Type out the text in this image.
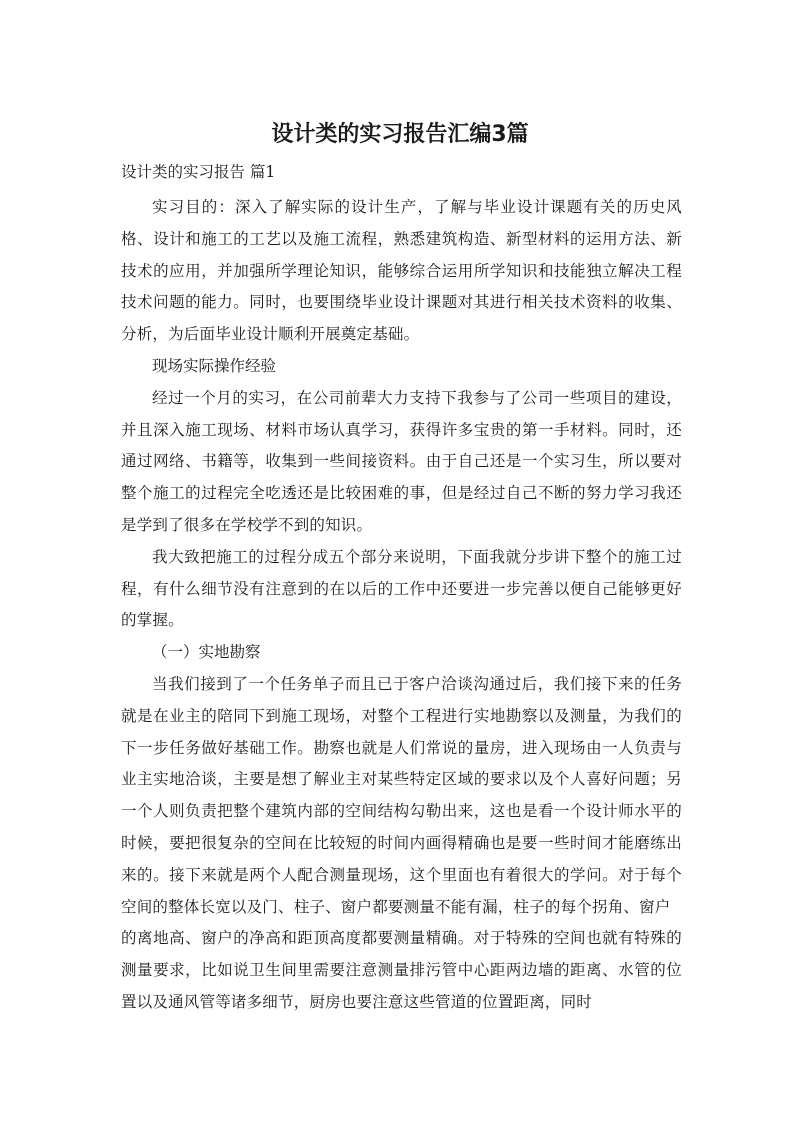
设计类的实习报告汇编3篇

设计类的实习报告 篇1

实习目的：深入了解实际的设计生产，了解与毕业设计课题有关的历史风格、设计和施工的工艺以及施工流程，熟悉建筑构造、新型材料的运用方法、新技术的应用，并加强所学理论知识，能够综合运用所学知识和技能独立解决工程技术问题的能力。同时，也要围绕毕业设计课题对其进行相关技术资料的收集、分析，为后面毕业设计顺利开展奠定基础。

现场实际操作经验

经过一个月的实习，在公司前辈大力支持下我参与了公司一些项目的建设，并且深入施工现场、材料市场认真学习，获得许多宝贵的第一手材料。同时，还通过网络、书籍等，收集到一些间接资料。由于自己还是一个实习生，所以要对整个施工的过程完全吃透还是比较困难的事，但是经过自己不断的努力学习我还是学到了很多在学校学不到的知识。

我大致把施工的过程分成五个部分来说明，下面我就分步讲下整个的施工过程，有什么细节没有注意到的在以后的工作中还要进一步完善以便自己能够更好的掌握。

（一）实地勘察

当我们接到了一个任务单子而且已于客户洽谈沟通过后，我们接下来的任务就是在业主的陪同下到施工现场，对整个工程进行实地勘察以及测量，为我们的下一步任务做好基础工作。勘察也就是人们常说的量房，进入现场由一人负责与业主实地洽谈，主要是想了解业主对某些特定区域的要求以及个人喜好问题；另一个人则负责把整个建筑内部的空间结构勾勒出来，这也是看一个设计师水平的时候，要把很复杂的空间在比较短的时间内画得精确也是要一些时间才能磨练出来的。接下来就是两个人配合测量现场，这个里面也有着很大的学问。对于每个空间的整体长宽以及门、柱子、窗户都要测量不能有漏，柱子的每个拐角、窗户

的离地高、窗户的净高和距顶高度都要测量精确。对于特殊的空间也就有特殊的测量要求，比如说卫生间里需要注意测量排污管中心距两边墙的距离、水管的位置以及通风管等诸多细节，厨房也要注意这些管道的位置距离，同时
